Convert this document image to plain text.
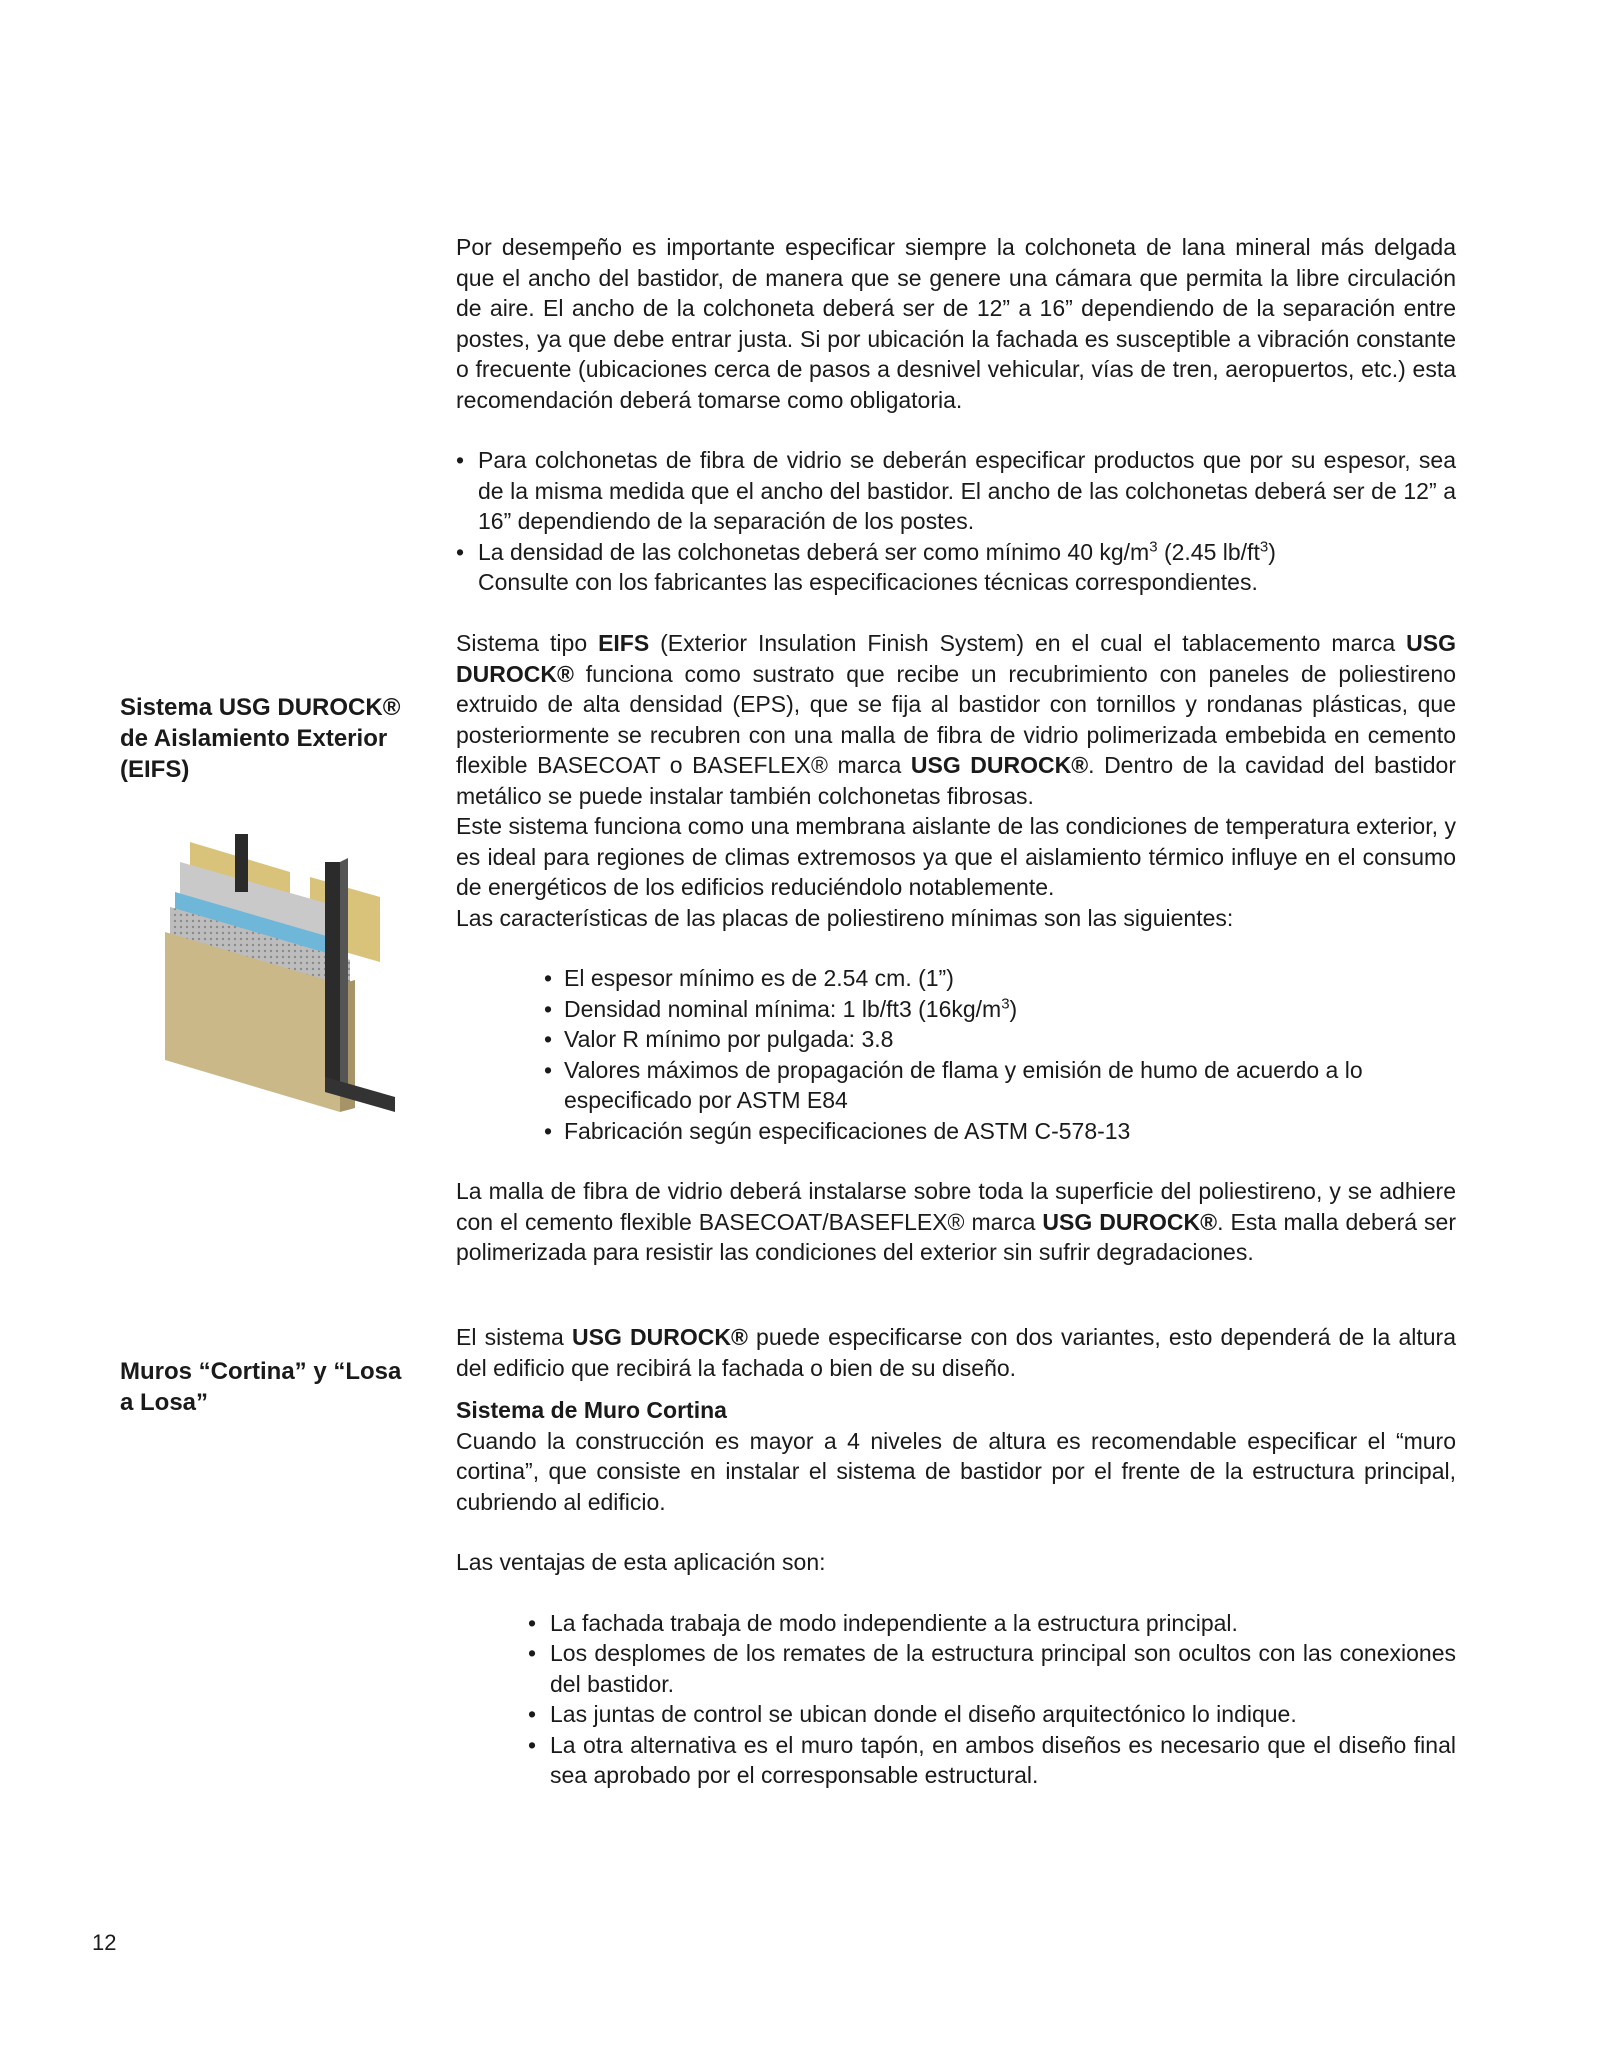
Por desempeño es importante especificar siempre la colchoneta de lana mineral más delgada que el ancho del bastidor, de manera que se genere una cámara que permita la libre circulación de aire. El ancho de la colchoneta deberá ser de 12” a 16” dependiendo de la separación entre postes, ya que debe entrar justa. Si por ubicación la fachada es susceptible a vibración constante o frecuente (ubicaciones cerca de pasos a desnivel vehicular, vías de tren, aeropuertos, etc.) esta recomendación deberá tomarse como obligatoria.

• Para colchonetas de fibra de vidrio se deberán especificar productos que por su espesor, sea de la misma medida que el ancho del bastidor. El ancho de las colchonetas deberá ser de 12” a 16” dependiendo de la separación de los postes.
• La densidad de las colchonetas deberá ser como mínimo 40 $kg/m^3$ (2.45 $lb/ft^3$)
Consulte con los fabricantes las especificaciones técnicas correspondientes.
Sistema USG DUROCK® de Aislamiento Exterior (EIFS)

Sistema tipo EIFS (Exterior Insulation Finish System) en el cual el tablacemento marca USG DUROCK® funciona como sustrato que recibe un recubrimiento con paneles de poliestireno extruido de alta densidad (EPS), que se fija al bastidor con tornillos y rondanas plásticas, que posteriormente se recubren con una malla de fibra de vidrio polimerizada embebida en cemento flexible BASECOAT o BASEFLEX® marca USG DUROCK®. Dentro de la cavidad del bastidor metálico se puede instalar también colchonetas fibrosas.

Este sistema funciona como una membrana aislante de las condiciones de temperatura exterior, y es ideal para regiones de climas extremosos ya que el aislamiento térmico influye en el consumo de energéticos de los edificios reduciéndolo notablemente.

Las características de las placas de poliestireno mínimas son las siguientes:

• El espesor mínimo es de 2.54 cm. (1”)
• Densidad nominal mínima: 1 lb/ft3 $(16kg/m^3)$
• Valor R mínimo por pulgada: 3.8
• Valores máximos de propagación de flama y emisión de humo de acuerdo a lo especificado por ASTM E84
• Fabricación según especificaciones de ASTM C-578-13

La malla de fibra de vidrio deberá instalarse sobre toda la superficie del poliestireno, y se adhiere con el cemento flexible BASECOAT/BASEFLEX® marca USG DUROCK®. Esta malla deberá ser polimerizada para resistir las condiciones del exterior sin sufrir degradaciones.

Muros “Cortina” y “Losa a Losa”

El sistema USG DUROCK® puede especificarse con dos variantes, esto dependerá de la altura del edificio que recibirá la fachada o bien de su diseño.

Sistema de Muro Cortina

Cuando la construcción es mayor a 4 niveles de altura es recomendable especificar el “muro cortina”, que consiste en instalar el sistema de bastidor por el frente de la estructura principal, cubriendo al edificio.

Las ventajas de esta aplicación son:

• La fachada trabaja de modo independiente a la estructura principal.
• Los desplomes de los remates de la estructura principal son ocultos con las conexiones del bastidor.
• Las juntas de control se ubican donde el diseño arquitectónico lo indique.
• La otra alternativa es el muro tapón, en ambos diseños es necesario que el diseño final sea aprobado por el corresponsable estructural.
12
